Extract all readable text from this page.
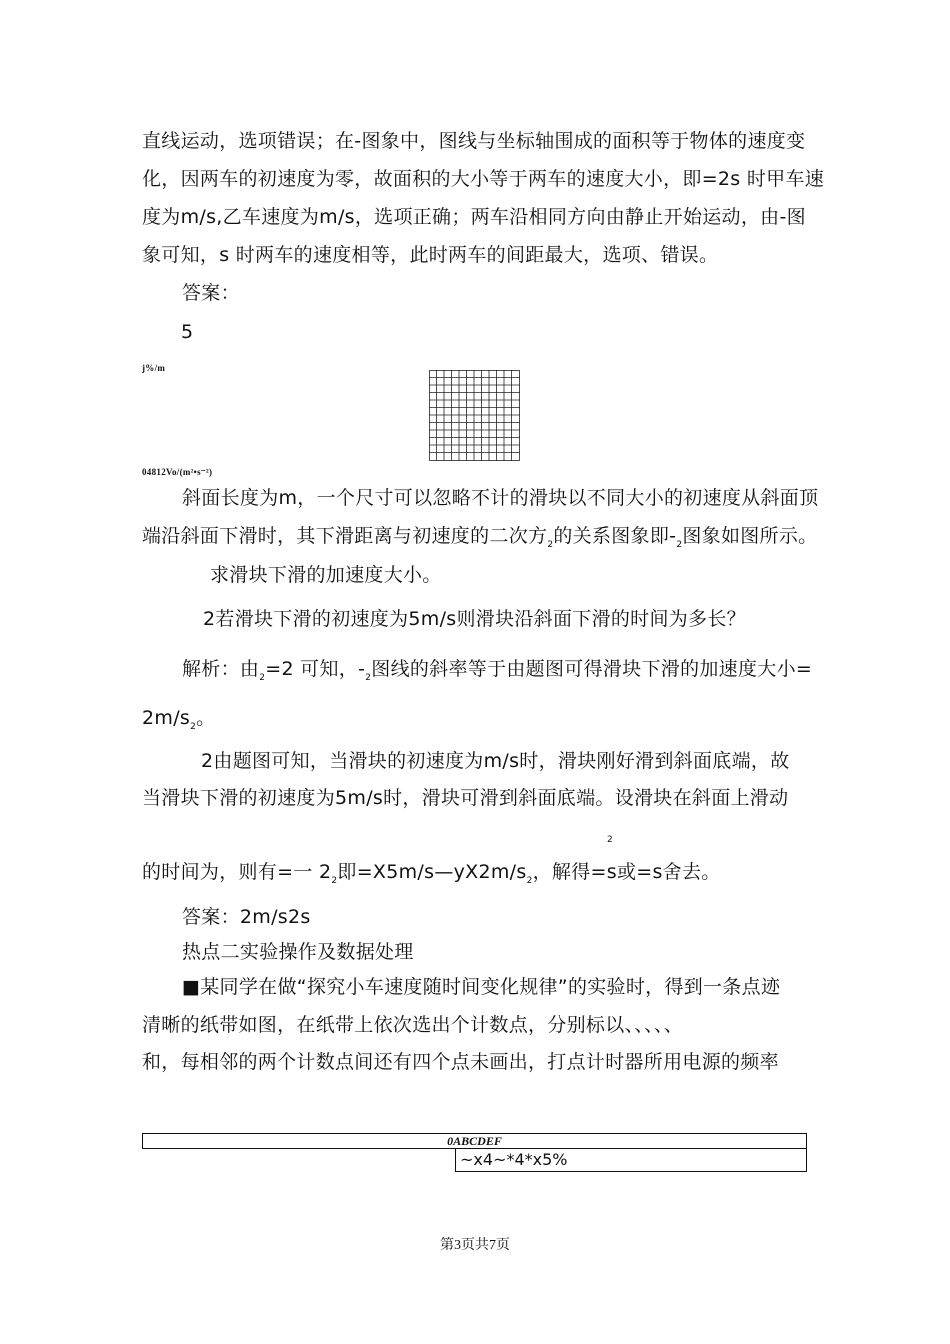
直线运动，选项错误；在-图象中，图线与坐标轴围成的面积等于物体的速度变
化，因两车的初速度为零，故面积的大小等于两车的速度大小，即=2s 时甲车速
度为m/s,乙车速度为m/s，选项正确；两车沿相同方向由静止开始运动，由-图
象可知，s 时两车的速度相等，此时两车的间距最大，选项、错误。
答案：
5
j%/m
04812Vo/(m²•s⁻²)
斜面长度为m，一个尺寸可以忽略不计的滑块以不同大小的初速度从斜面顶
端沿斜面下滑时，其下滑距离与初速度的二次方$_2$的关系图象即$-_2$图象如图所示。
求滑块下滑的加速度大小。
2若滑块下滑的初速度为5m/s则滑块沿斜面下滑的时间为多长？
解析：由$_2$=2 可知，$-_2$图线的斜率等于由题图可得滑块下滑的加速度大小=
$2m/s_2$。
2由题图可知，当滑块的初速度为m/s时，滑块刚好滑到斜面底端，故
当滑块下滑的初速度为5m/s时，滑块可滑到斜面底端。设滑块在斜面上滑动
2
的时间为，则有=一 $2_2$即$=X5m/s—yX2m/s_2$，解得=s或=s舍去。
答案：2m/s2s
热点二实验操作及数据处理
■某同学在做“探究小车速度随时间变化规律”的实验时，得到一条点迹
清晰的纸带如图，在纸带上依次选出个计数点，分别标以、、、、、
和，每相邻的两个计数点间还有四个点未画出，打点计时器所用电源的频率
0ABCDEF
~x4~*4*x5%
第3页共7页
